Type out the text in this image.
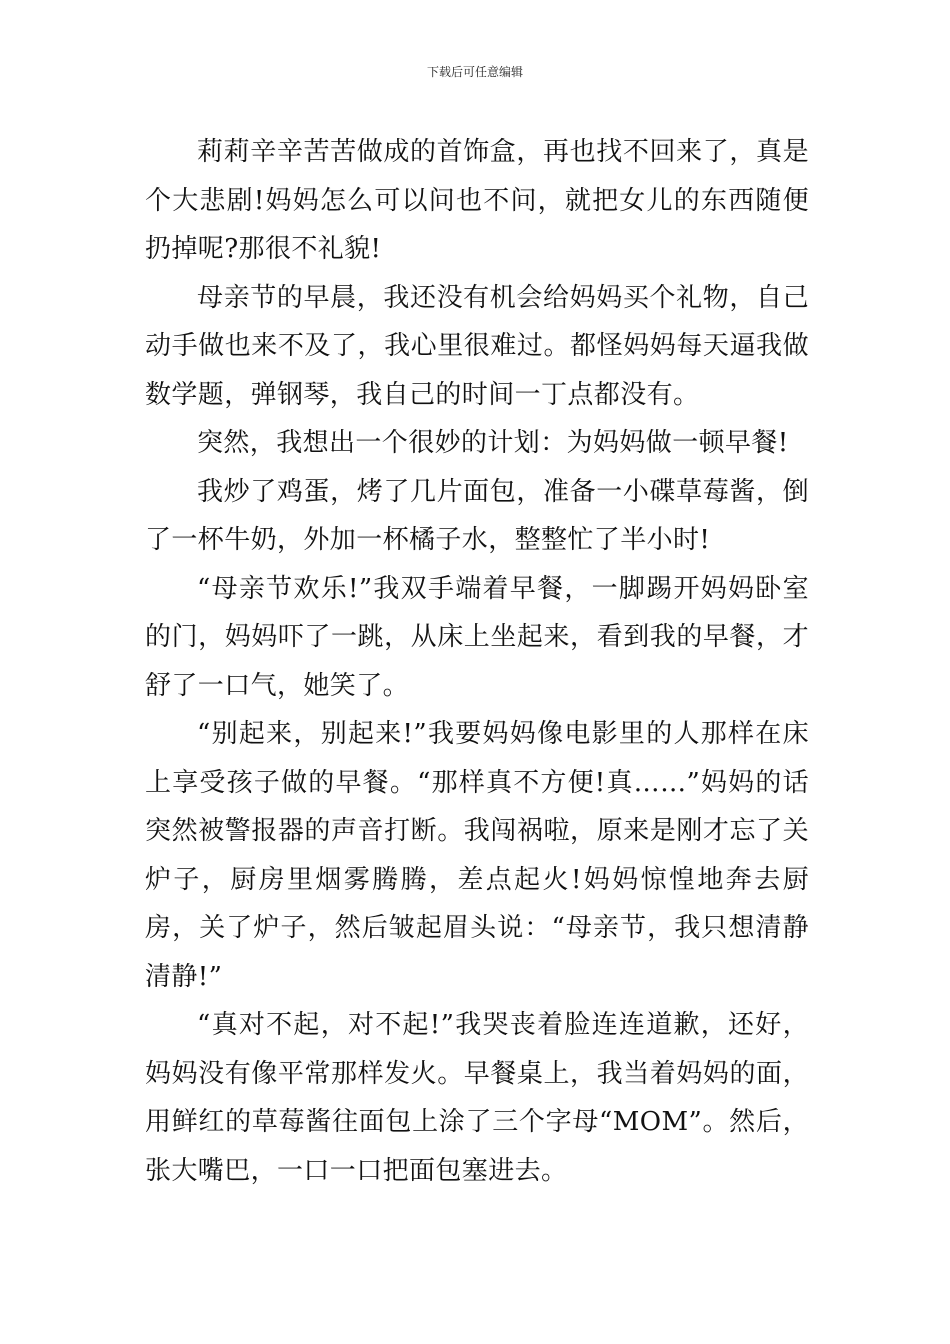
下载后可任意编辑

莉莉辛辛苦苦做成的首饰盒，再也找不回来了，真是个大悲剧!妈妈怎么可以问也不问，就把女儿的东西随便扔掉呢?那很不礼貌!

母亲节的早晨，我还没有机会给妈妈买个礼物，自己动手做也来不及了，我心里很难过。都怪妈妈每天逼我做数学题，弹钢琴，我自己的时间一丁点都没有。

突然，我想出一个很妙的计划：为妈妈做一顿早餐!

我炒了鸡蛋，烤了几片面包，准备一小碟草莓酱，倒了一杯牛奶，外加一杯橘子水，整整忙了半小时!

“母亲节欢乐!”我双手端着早餐，一脚踢开妈妈卧室的门，妈妈吓了一跳，从床上坐起来，看到我的早餐，才舒了一口气，她笑了。

“别起来，别起来!”我要妈妈像电影里的人那样在床上享受孩子做的早餐。“那样真不方便!真……”妈妈的话突然被警报器的声音打断。我闯祸啦，原来是刚才忘了关炉子，厨房里烟雾腾腾，差点起火!妈妈惊惶地奔去厨房，关了炉子，然后皱起眉头说：“母亲节，我只想清静清静!”

“真对不起，对不起!”我哭丧着脸连连道歉，还好，妈妈没有像平常那样发火。早餐桌上，我当着妈妈的面，用鲜红的草莓酱往面包上涂了三个字母“MOM”。然后，张大嘴巴，一口一口把面包塞进去。
